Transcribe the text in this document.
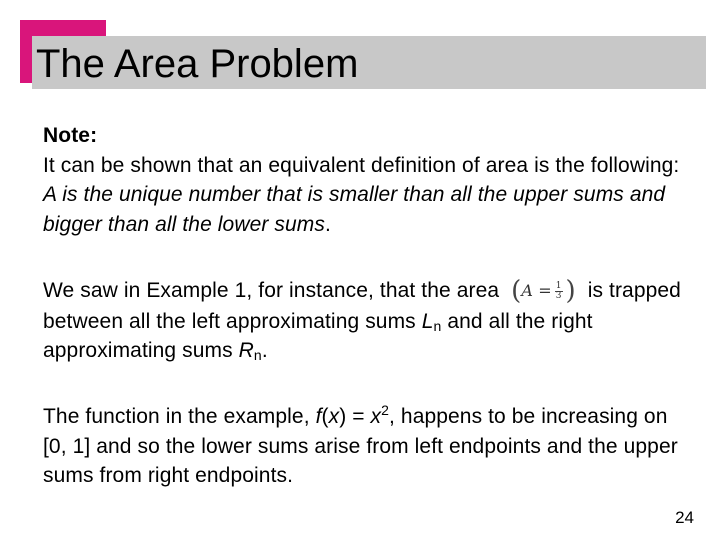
The Area Problem

Note:
It can be shown that an equivalent definition of area is the following: A is the unique number that is smaller than all the upper sums and bigger than all the lower sums.

We saw in Example 1, for instance, that the area ($A = \frac{1}{3}$ ) is trapped between all the left approximating sums $L_n$ and all the right approximating sums $R_n$.

The function in the example, $f(x) = x^2$, happens to be increasing on [0, 1] and so the lower sums arise from left endpoints and the upper sums from right endpoints.

24
